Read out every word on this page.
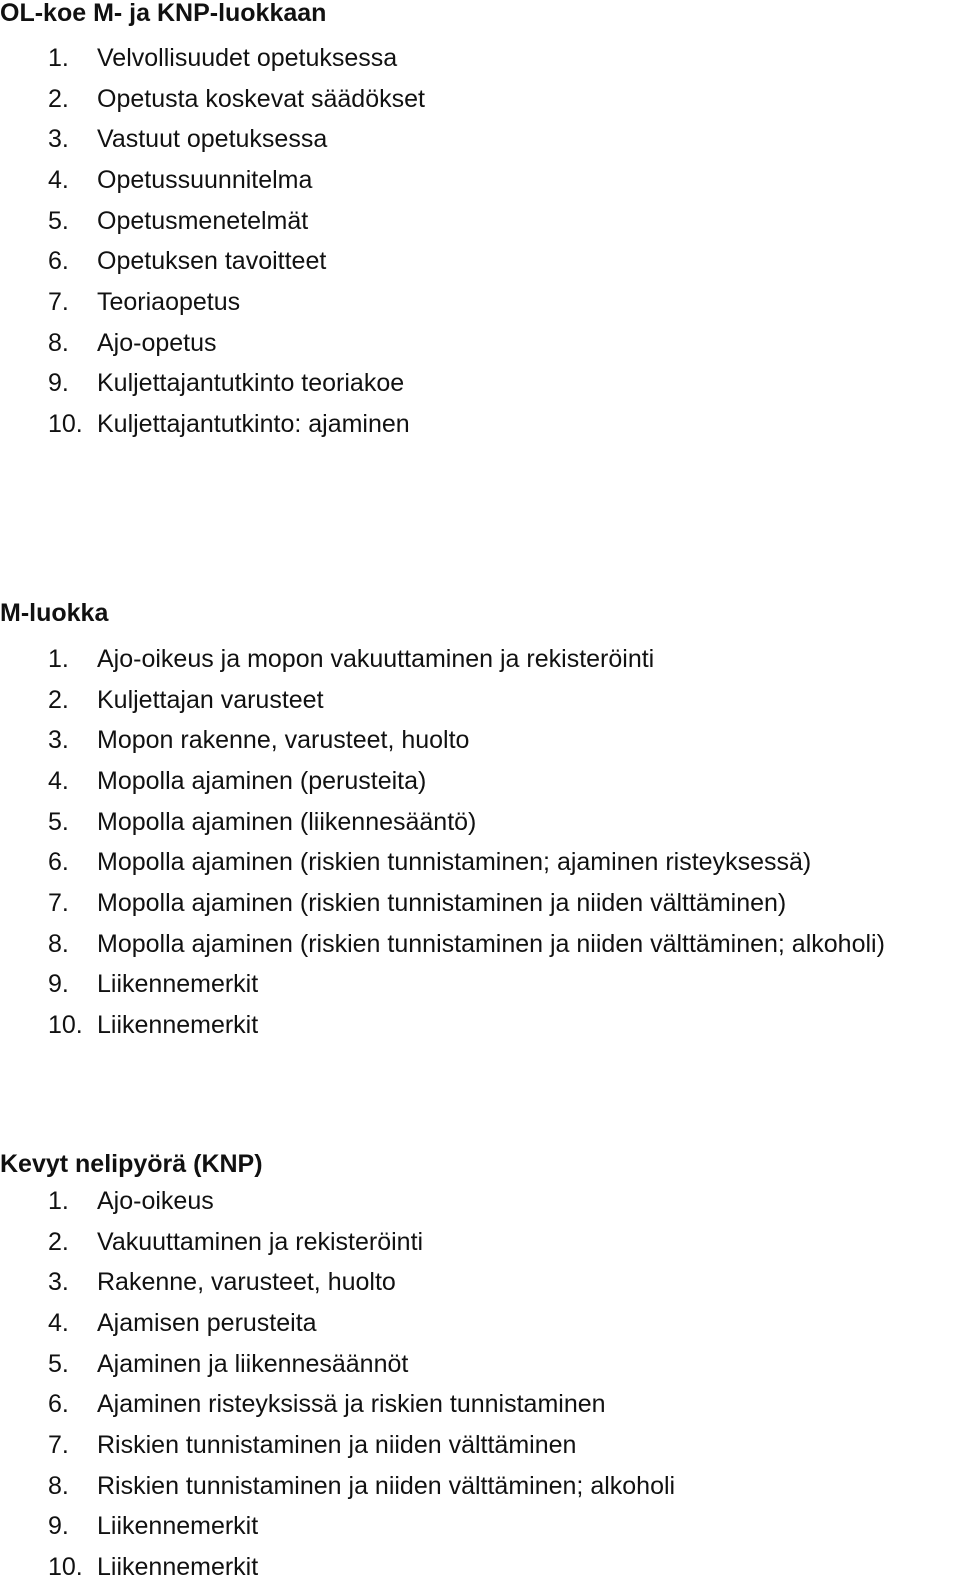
OL-koe M- ja KNP-luokkaan
1.	Velvollisuudet opetuksessa
2.	Opetusta koskevat säädökset
3.	Vastuut opetuksessa
4.	Opetussuunnitelma
5.	Opetusmenetelmät
6.	Opetuksen tavoitteet
7.	Teoriaopetus
8.	Ajo-opetus
9.	Kuljettajantutkinto teoriakoe
10. Kuljettajantutkinto: ajaminen
M-luokka
1.	Ajo-oikeus ja mopon vakuuttaminen ja rekisteröinti
2.	Kuljettajan varusteet
3.	Mopon rakenne, varusteet, huolto
4.	Mopolla ajaminen (perusteita)
5.	Mopolla ajaminen (liikennesääntö)
6.	Mopolla ajaminen (riskien tunnistaminen; ajaminen risteyksessä)
7.	Mopolla ajaminen (riskien tunnistaminen ja niiden välttäminen)
8.	Mopolla ajaminen (riskien tunnistaminen ja niiden välttäminen; alkoholi)
9.	Liikennemerkit
10. Liikennemerkit
Kevyt nelipyörä (KNP)
1.	Ajo-oikeus
2.	Vakuuttaminen ja rekisteröinti
3.	Rakenne, varusteet, huolto
4.	Ajamisen perusteita
5.	Ajaminen ja liikennesäännöt
6.	Ajaminen risteyksissä ja riskien tunnistaminen
7.	Riskien tunnistaminen ja niiden välttäminen
8.	Riskien tunnistaminen ja niiden välttäminen; alkoholi
9.	Liikennemerkit
10. Liikennemerkit
